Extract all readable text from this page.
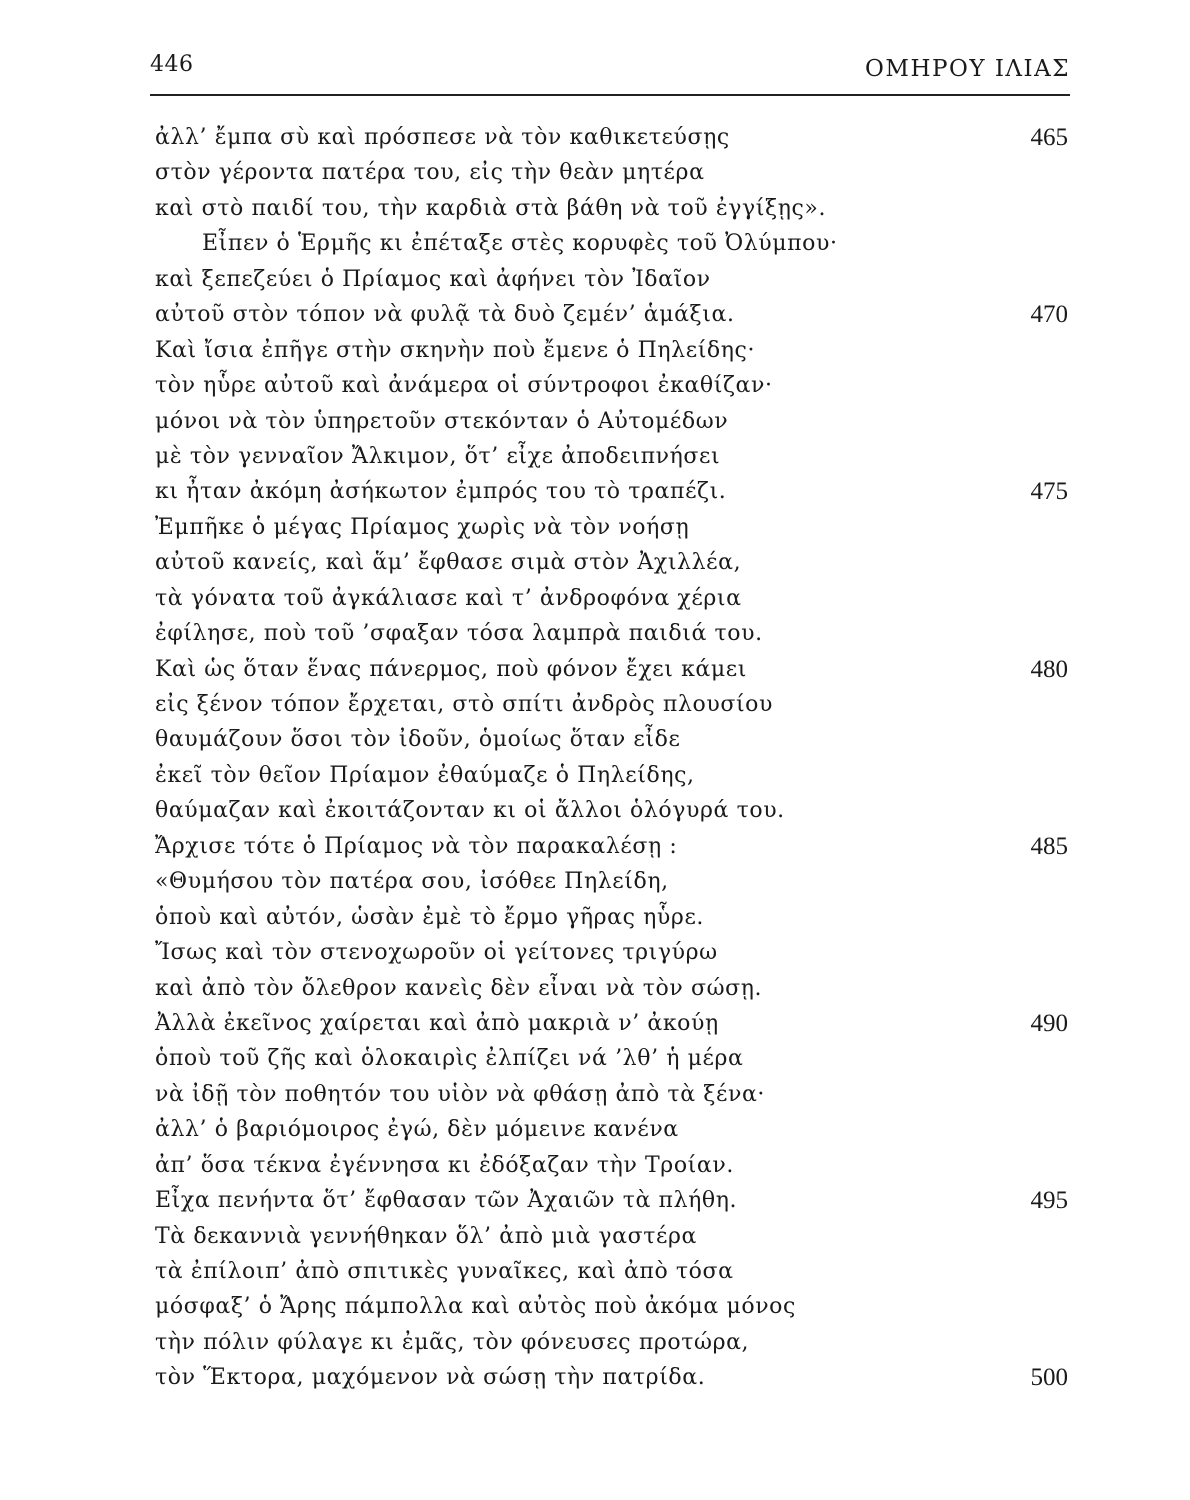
446	ΟΜΗΡΟΥ ΙΛΙΑΣ
ἀλλ’ ἔμπα σὺ καὶ πρόσπεσε νὰ τὸν καθικετεύσῃς	465
στὸν γέροντα πατέρα του, εἰς τὴν θεὰν μητέρα
καὶ στὸ παιδί του, τὴν καρδιὰ στὰ βάθη νὰ τοῦ ἐγγίξῃς».
Εἶπεν ὁ Ἑρμῆς κι ἐπέταξε στὲς κορυφὲς τοῦ Ὀλύμπου·
καὶ ξεπεζεύει ὁ Πρίαμος καὶ ἀφήνει τὸν Ἰδαῖον
αὐτοῦ στὸν τόπον νὰ φυλᾷ τὰ δυὸ ζεμέν’ ἁμάξια.	470
Καὶ ἴσια ἐπῆγε στὴν σκηνὴν ποὺ ἔμενε ὁ Πηλείδης·
τὸν ηὗρε αὐτοῦ καὶ ἀνάμερα οἱ σύντροφοι ἐκαθίζαν·
μόνοι νὰ τὸν ὑπηρετοῦν στεκόνταν ὁ Αὐτομέδων
μὲ τὸν γενναῖον Ἄλκιμον, ὅτ’ εἶχε ἀποδειπνήσει
κι ἦταν ἀκόμη ἀσήκωτον ἐμπρός του τὸ τραπέζι.	475
Ἐμπῆκε ὁ μέγας Πρίαμος χωρὶς νὰ τὸν νοήσῃ
αὐτοῦ κανείς, καὶ ἅμ’ ἔφθασε σιμὰ στὸν Ἀχιλλέα,
τὰ γόνατα τοῦ ἀγκάλιασε καὶ τ’ ἀνδροφόνα χέρια
ἐφίλησε, ποὺ τοῦ ’σφαξαν τόσα λαμπρὰ παιδιά του.
Καὶ ὡς ὅταν ἕνας πάνερμος, ποὺ φόνον ἔχει κάμει	480
εἰς ξένον τόπον ἔρχεται, στὸ σπίτι ἀνδρὸς πλουσίου
θαυμάζουν ὅσοι τὸν ἰδοῦν, ὁμοίως ὅταν εἶδε
ἐκεῖ τὸν θεῖον Πρίαμον ἐθαύμαζε ὁ Πηλείδης,
θαύμαζαν καὶ ἐκοιτάζονταν κι οἱ ἄλλοι ὁλόγυρά του.
Ἄρχισε τότε ὁ Πρίαμος νὰ τὸν παρακαλέσῃ :	485
«Θυμήσου τὸν πατέρα σου, ἰσόθεε Πηλείδη,
ὁποὺ καὶ αὐτόν, ὡσὰν ἐμὲ τὸ ἔρμο γῆρας ηὗρε.
Ἴσως καὶ τὸν στενοχωροῦν οἱ γείτονες τριγύρω
καὶ ἀπὸ τὸν ὄλεθρον κανεὶς δὲν εἶναι νὰ τὸν σώσῃ.
Ἀλλὰ ἐκεῖνος χαίρεται καὶ ἀπὸ μακριὰ ν’ ἀκούῃ	490
ὁποὺ τοῦ ζῆς καὶ ὁλοκαιρὶς ἐλπίζει νά ’λθ’ ἡ μέρα
νὰ ἰδῇ τὸν ποθητόν του υἱὸν νὰ φθάσῃ ἀπὸ τὰ ξένα·
ἀλλ’ ὁ βαριόμοιρος ἐγώ, δὲν μόμεινε κανένα
ἀπ’ ὅσα τέκνα ἐγέννησα κι ἐδόξαζαν τὴν Τροίαν.
Εἶχα πενήντα ὅτ’ ἔφθασαν τῶν Ἀχαιῶν τὰ πλήθη.	495
Τὰ δεκαννιὰ γεννήθηκαν ὅλ’ ἀπὸ μιὰ γαστέρα
τὰ ἐπίλοιπ’ ἀπὸ σπιτικὲς γυναῖκες, καὶ ἀπὸ τόσα
μόσφαξ’ ὁ Ἄρης πάμπολλα καὶ αὐτὸς ποὺ ἀκόμα μόνος
τὴν πόλιν φύλαγε κι ἐμᾶς, τὸν φόνευσες προτώρα,
τὸν Ἕκτορα, μαχόμενον νὰ σώσῃ τὴν πατρίδα.	500
